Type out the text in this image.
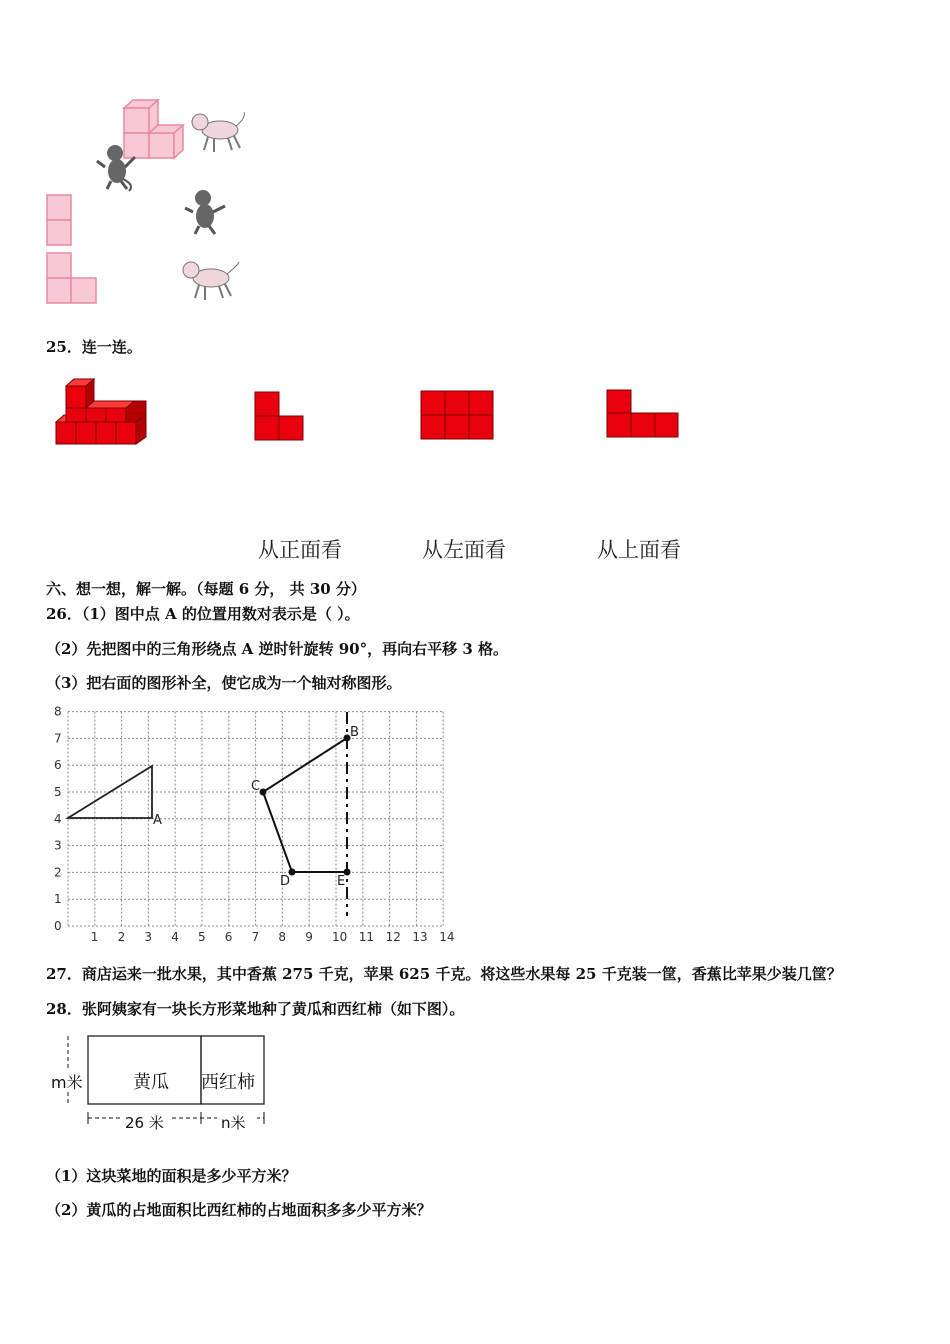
25．连一连。
从正面看	从左面看	从上面看
六、想一想，解一解。（每题 6 分， 共 30 分）
26．（1）图中点 A 的位置用数对表示是（ ）。
（2）先把图中的三角形绕点 A 逆时针旋转 90°，再向右平移 3 格。
（3）把右面的图形补全，使它成为一个轴对称图形。
1 2 3 4 5 6 7 8 9 10 11 12 13 14
0
1
2
3
4
5
6
7
8
A
B
C
D	E
27．商店运来一批水果，其中香蕉 275 千克，苹果 625 千克。将这些水果每 25 千克装一筐，香蕉比苹果少装几筐？
28．张阿姨家有一块长方形菜地种了黄瓜和西红柿（如下图）。
m米	黄瓜 西红柿
26 米	n米
（1）这块菜地的面积是多少平方米？
（2）黄瓜的占地面积比西红柿的占地面积多多少平方米？
